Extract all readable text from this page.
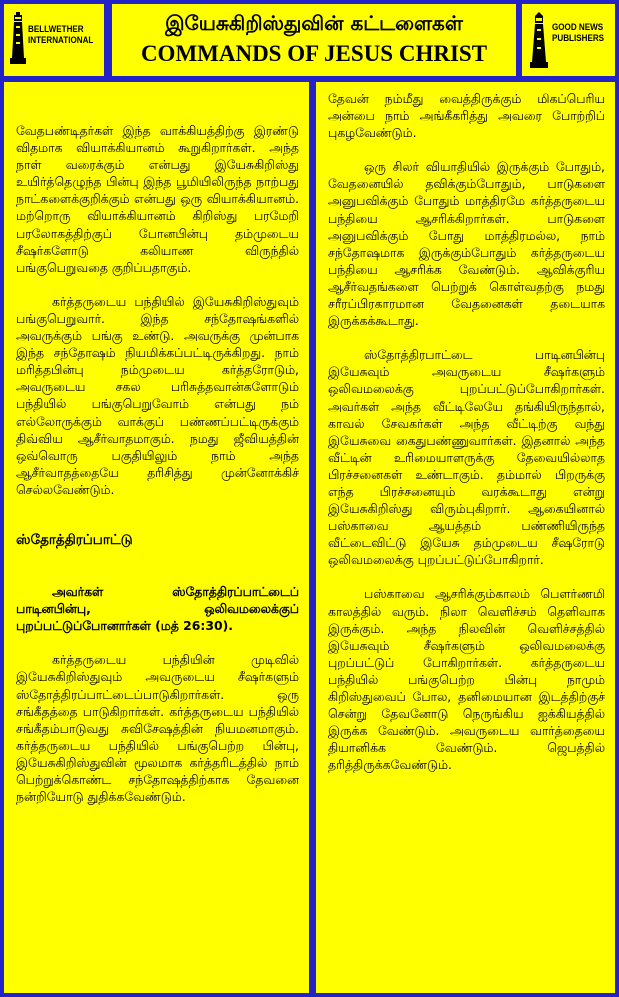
BELLWETHER
INTERNATIONAL
இயேசுகிறிஸ்துவின் கட்டளைகள்
COMMANDS OF JESUS CHRIST
GOOD NEWS
PUBLISHERS

வேதபண்டிதர்கள் இந்த வாக்கியத்திற்கு இரண்டு விதமாக வியாக்கியானம் கூறுகிறார்கள். அந்த நாள் வரைக்கும் என்பது இயேசுகிறிஸ்து உயிர்த்தெழுந்த பின்பு இந்த பூமியிலிருந்த நாற்பது நாட்களைக்குறிக்கும் என்பது ஒரு வியாக்கியானம். மற்றொரு வியாக்கியானம் கிறிஸ்து பரமேறி பரலோகத்திற்குப் போனபின்பு தம்முடைய சீஷர்களோடு கலியாண விருந்தில் பங்குபெறுவதை குறிப்பதாகும்.

கர்த்தருடைய பந்தியில் இயேசுகிறிஸ்துவும் பங்குபெறுவார். இந்த சந்தோஷங்களில் அவருக்கும் பங்கு உண்டு. அவருக்கு முன்பாக இந்த சந்தோஷம் நியமிக்கப்பட்டிருக்கிறது. நாம் மரித்தபின்பு நம்முடைய கர்த்தரோடும், அவருடைய சகல பரிசுத்தவான்களோடும் பந்தியில் பங்குபெறுவோம் என்பது நம் எல்லோருக்கும் வாக்குப் பண்ணப்பட்டிருக்கும் திவ்விய ஆசீர்வாதமாகும். நமது ஜீவியத்தின் ஒவ்வொரு பகுதியிலும் நாம் அந்த ஆசீர்வாதத்தையே தரிசித்து முன்னோக்கிச் செல்லவேண்டும்.

ஸ்தோத்திரப்பாட்டு

அவர்கள் ஸ்தோத்திரப்பாட்டைப் பாடினபின்பு, ஒலிவமலைக்குப் புறப்பட்டுப்போனார்கள் (மத் 26:30).

கர்த்தருடைய பந்தியின் முடிவில் இயேசுகிறிஸ்துவும் அவருடைய சீஷர்களும் ஸ்தோத்திரப்பாட்டைப்பாடுகிறார்கள். ஒரு சங்கீதத்தை பாடுகிறார்கள். கர்த்தருடைய பந்தியில் சங்கீதம்பாடுவது சுவிசேஷத்தின் நியமனமாகும். கர்த்தருடைய பந்தியில் பங்குபெற்ற பின்பு, இயேசுகிறிஸ்துவின் மூலமாக கர்த்தரிடத்தில் நாம் பெற்றுக்கொண்ட சந்தோஷத்திற்காக தேவனை நன்றியோடு துதிக்கவேண்டும்.

தேவன் நம்மீது வைத்திருக்கும் மிகப்பெரிய அன்பை நாம் அங்கீகரித்து அவரை போற்றிப் புகழவேண்டும்.

ஒரு சிலர் வியாதியில் இருக்கும் போதும், வேதனையில் தவிக்கும்போதும், பாடுகளை அனுபவிக்கும் போதும் மாத்திரமே கர்த்தருடைய பந்தியை ஆசரிக்கிறார்கள். பாடுகளை அனுபவிக்கும் போது மாத்திரமல்ல, நாம் சந்தோஷமாக இருக்கும்போதும் கர்த்தருடைய பந்தியை ஆசரிக்க வேண்டும். ஆவிக்குரிய ஆசீர்வதங்களை பெற்றுக் கொள்வதற்கு நமது சரீரப்பிரகாரமான வேதனைகள் தடையாக இருக்கக்கூடாது.

ஸ்தோத்திரபாட்டை பாடினபின்பு இயேசுவும் அவருடைய சீஷர்களும் ஒலிவமலைக்கு புறப்பட்டுப்போகிறார்கள். அவர்கள் அந்த வீட்டிலேயே தங்கியிருந்தால், காவல் சேவகர்கள் அந்த வீட்டிற்கு வந்து இயேசுவை கைதுபண்ணுவார்கள். இதனால் அந்த வீட்டின் உரிமையாளருக்கு தேவையில்லாத பிரச்சனைகள் உண்டாகும். தம்மால் பிறருக்கு எந்த பிரச்சனையும் வரக்கூடாது என்று இயேசுகிறிஸ்து விரும்புகிறார். ஆகையினால் பஸ்காவை ஆயத்தம் பண்ணியிருந்த வீட்டைவிட்டு இயேசு தம்முடைய சீஷரோடு ஒலிவமலைக்கு புறப்பட்டுப்போகிறார்.

பஸ்காவை ஆசரிக்கும்காலம் பௌர்ணமி காலத்தில் வரும். நிலா வெளிச்சம் தெளிவாக இருக்கும். அந்த நிலவின் வெளிச்சத்தில் இயேசுவும் சீஷர்களும் ஒலிவமலைக்கு புறப்பட்டுப் போகிறார்கள். கர்த்தருடைய பந்தியில் பங்குபெற்ற பின்பு நாமும் கிறிஸ்துவைப் போல, தனிமையான இடத்திற்குச் சென்று தேவனோடு நெருங்கிய ஐக்கியத்தில் இருக்க வேண்டும். அவருடைய வார்த்தையை தியானிக்க வேண்டும். ஜெபத்தில் தரித்திருக்கவேண்டும்.
